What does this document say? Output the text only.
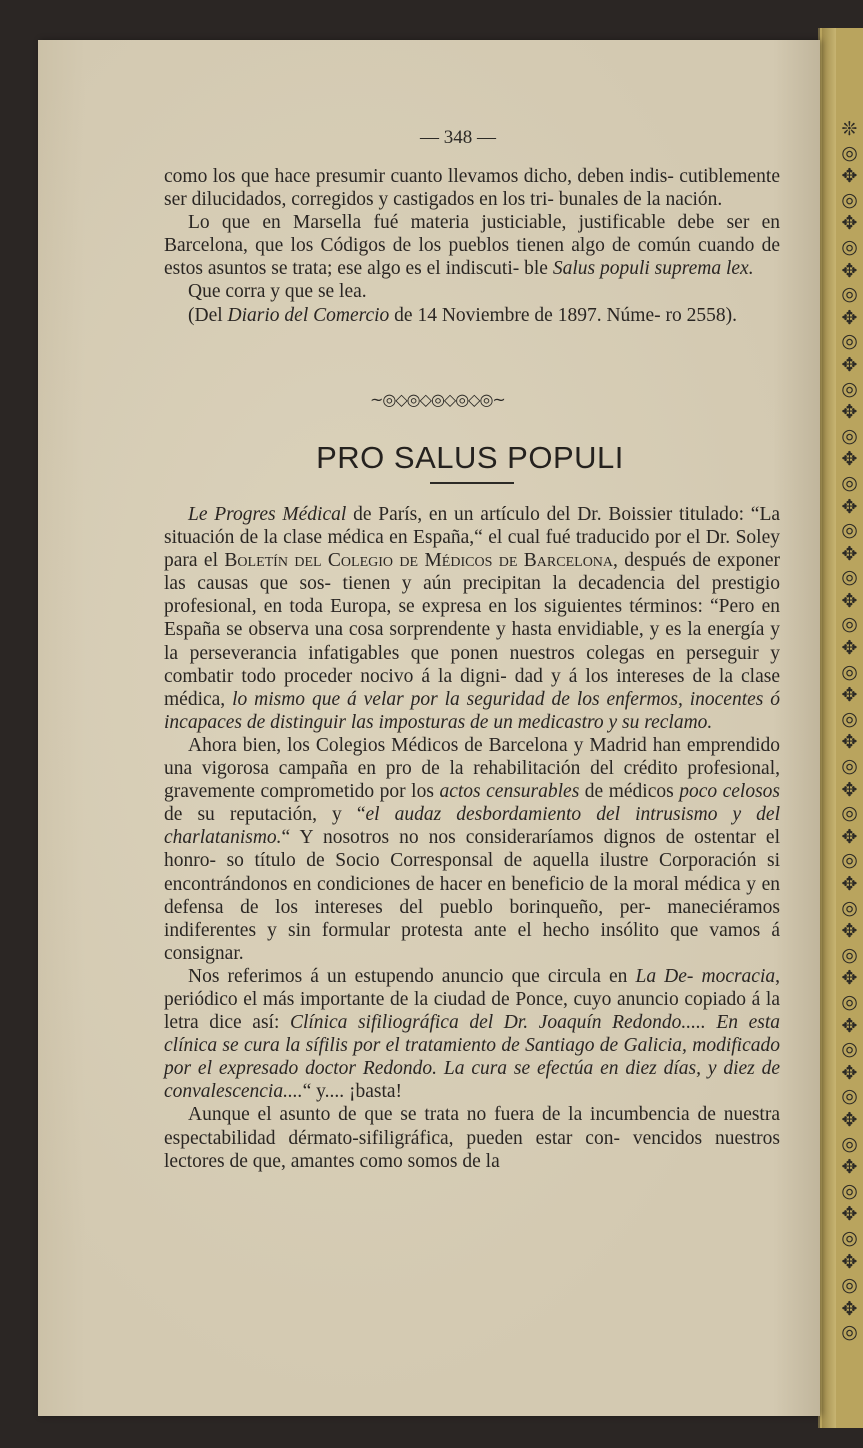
❊
◎
✥
◎
✥
◎
✥
◎
✥
◎
✥
◎
✥
◎
✥
◎
✥
◎
✥
◎
✥
◎
✥
◎
✥
◎
✥
◎
✥
◎
✥
◎
✥
◎
✥
◎
✥
◎
✥
◎
✥
◎
✥
◎
✥
◎
✥
◎
✥
◎
✥
◎
— 348 —

como los que hace presumir cuanto llevamos dicho, deben indis- cutiblemente ser dilucidados, corregidos y castigados en los tri- bunales de la nación.

Lo que en Marsella fué materia justiciable, justificable debe ser en Barcelona, que los Códigos de los pueblos tienen algo de común cuando de estos asuntos se trata; ese algo es el indiscuti- ble Salus populi suprema lex.

Que corra y que se lea.

(Del Diario del Comercio de 14 Noviembre de 1897. Núme- ro 2558).

~◎◇◎◇◎◇◎◇◎~
PRO SALUS POPULI

Le Progres Médical de París, en un artículo del Dr. Boissier titulado: “La situación de la clase médica en España,“ el cual fué traducido por el Dr. Soley para el Boletín del Colegio de Médicos de Barcelona, después de exponer las causas que sos- tienen y aún precipitan la decadencia del prestigio profesional, en toda Europa, se expresa en los siguientes términos: “Pero en España se observa una cosa sorprendente y hasta envidiable, y es la energía y la perseverancia infatigables que ponen nuestros colegas en perseguir y combatir todo proceder nocivo á la digni- dad y á los intereses de la clase médica, lo mismo que á velar por la seguridad de los enfermos, inocentes ó incapaces de distinguir las imposturas de un medicastro y su reclamo.

Ahora bien, los Colegios Médicos de Barcelona y Madrid han emprendido una vigorosa campaña en pro de la rehabilitación del crédito profesional, gravemente comprometido por los actos censurables de médicos poco celosos de su reputación, y “el audaz desbordamiento del intrusismo y del charlatanismo.“ Y nosotros no nos consideraríamos dignos de ostentar el honro- so título de Socio Corresponsal de aquella ilustre Corporación si encontrándonos en condiciones de hacer en beneficio de la moral médica y en defensa de los intereses del pueblo borinqueño, per- maneciéramos indiferentes y sin formular protesta ante el hecho insólito que vamos á consignar.

Nos referimos á un estupendo anuncio que circula en La De- mocracia, periódico el más importante de la ciudad de Ponce, cuyo anuncio copiado á la letra dice así: Clínica sifiliográfica del Dr. Joaquín Redondo..... En esta clínica se cura la sífilis por el tratamiento de Santiago de Galicia, modificado por el expresado doctor Redondo. La cura se efectúa en diez días, y diez de convalescencia....“ y.... ¡basta!

Aunque el asunto de que se trata no fuera de la incumbencia de nuestra espectabilidad dérmato-sifiligráfica, pueden estar con- vencidos nuestros lectores de que, amantes como somos de la
